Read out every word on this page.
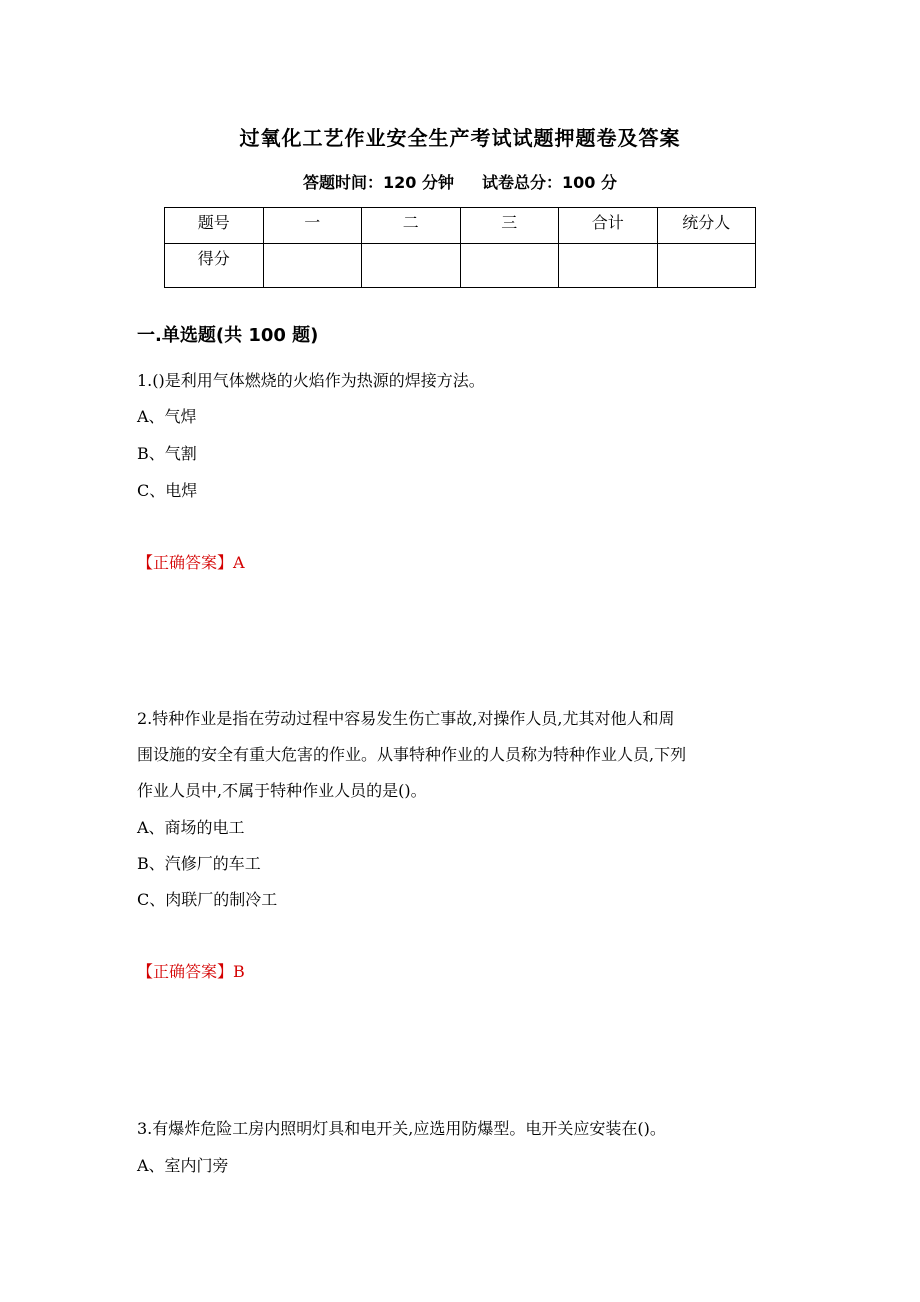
过氧化工艺作业安全生产考试试题押题卷及答案
答题时间：120 分钟 试卷总分：100 分
题号	一	二	三	合计	统分人
得分					
一.单选题(共 100 题)
1.()是利用气体燃烧的火焰作为热源的焊接方法。
A、气焊
B、气割
C、电焊
【正确答案】A
2.特种作业是指在劳动过程中容易发生伤亡事故,对操作人员,尤其对他人和周
围设施的安全有重大危害的作业。从事特种作业的人员称为特种作业人员,下列
作业人员中,不属于特种作业人员的是()。
A、商场的电工
B、汽修厂的车工
C、肉联厂的制冷工
【正确答案】B
3.有爆炸危险工房内照明灯具和电开关,应选用防爆型。电开关应安装在()。
A、室内门旁
